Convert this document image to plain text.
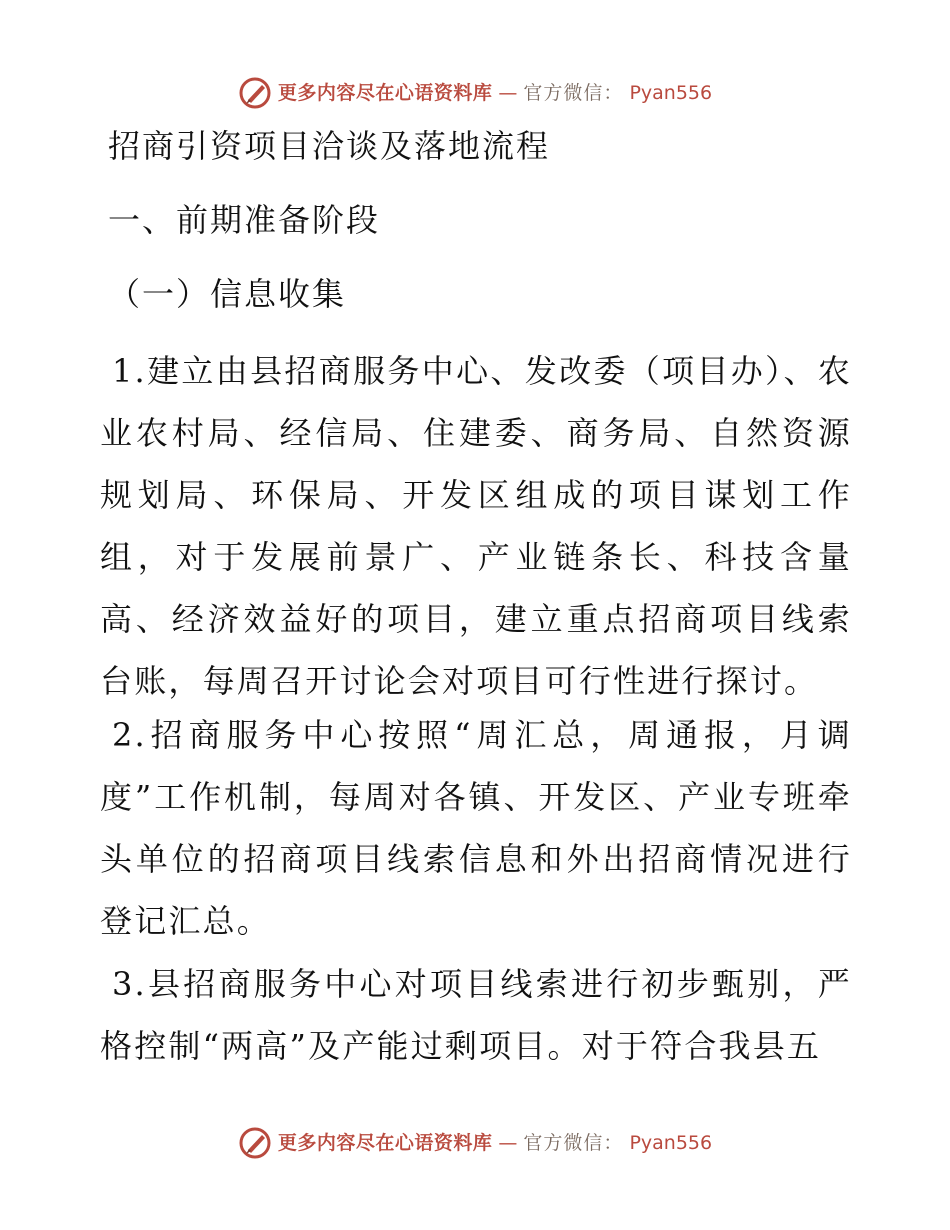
更多内容尽在心语资料库 — 官方微信： Pyan556
招商引资项目洽谈及落地流程
一、前期准备阶段
（一）信息收集

1.建立由县招商服务中心、发改委（项目办）、农业农村局、经信局、住建委、商务局、自然资源规划局、环保局、开发区组成的项目谋划工作组，对于发展前景广、产业链条长、科技含量高、经济效益好的项目，建立重点招商项目线索台账，每周召开讨论会对项目可行性进行探讨。

2.招商服务中心按照“周汇总，周通报，月调度”工作机制，每周对各镇、开发区、产业专班牵头单位的招商项目线索信息和外出招商情况进行登记汇总。

3.县招商服务中心对项目线索进行初步甄别，严格控制“两高”及产能过剩项目。对于符合我县五

更多内容尽在心语资料库 — 官方微信： Pyan556
